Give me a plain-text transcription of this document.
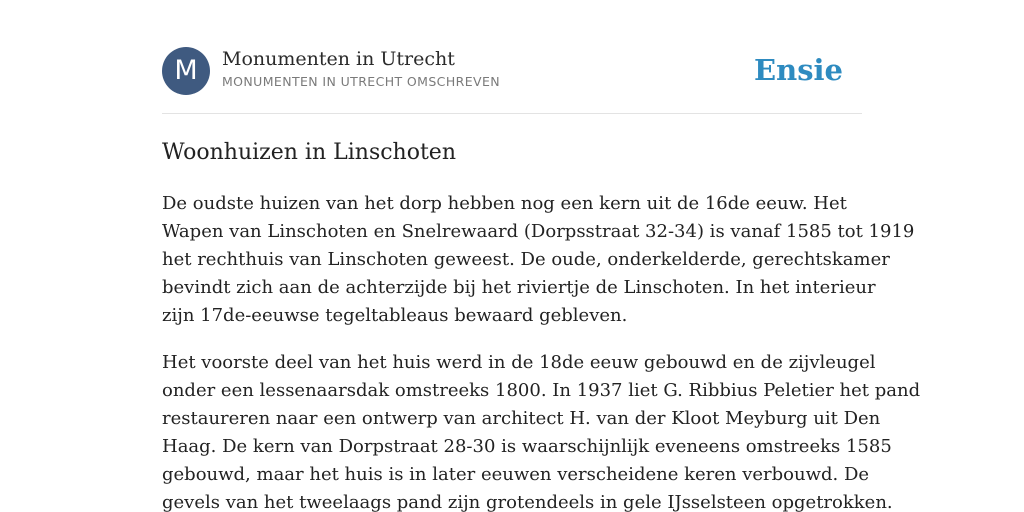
M	Monumenten in Utrecht
MONUMENTEN IN UTRECHT OMSCHREVEN	Ensie
Woonhuizen in Linschoten

De oudste huizen van het dorp hebben nog een kern uit de 16de eeuw. Het
Wapen van Linschoten en Snelrewaard (Dorpsstraat 32-34) is vanaf 1585 tot 1919
het rechthuis van Linschoten geweest. De oude, onderkelderde, gerechtskamer
bevindt zich aan de achterzijde bij het riviertje de Linschoten. In het interieur
zijn 17de-eeuwse tegeltableaus bewaard gebleven.

Het voorste deel van het huis werd in de 18de eeuw gebouwd en de zijvleugel
onder een lessenaarsdak omstreeks 1800. In 1937 liet G. Ribbius Peletier het pand
restaureren naar een ontwerp van architect H. van der Kloot Meyburg uit Den
Haag. De kern van Dorpstraat 28-30 is waarschijnlijk eveneens omstreeks 1585
gebouwd, maar het huis is in later eeuwen verscheidene keren verbouwd. De
gevels van het tweelaags pand zijn grotendeels in gele IJsselsteen opgetrokken.
